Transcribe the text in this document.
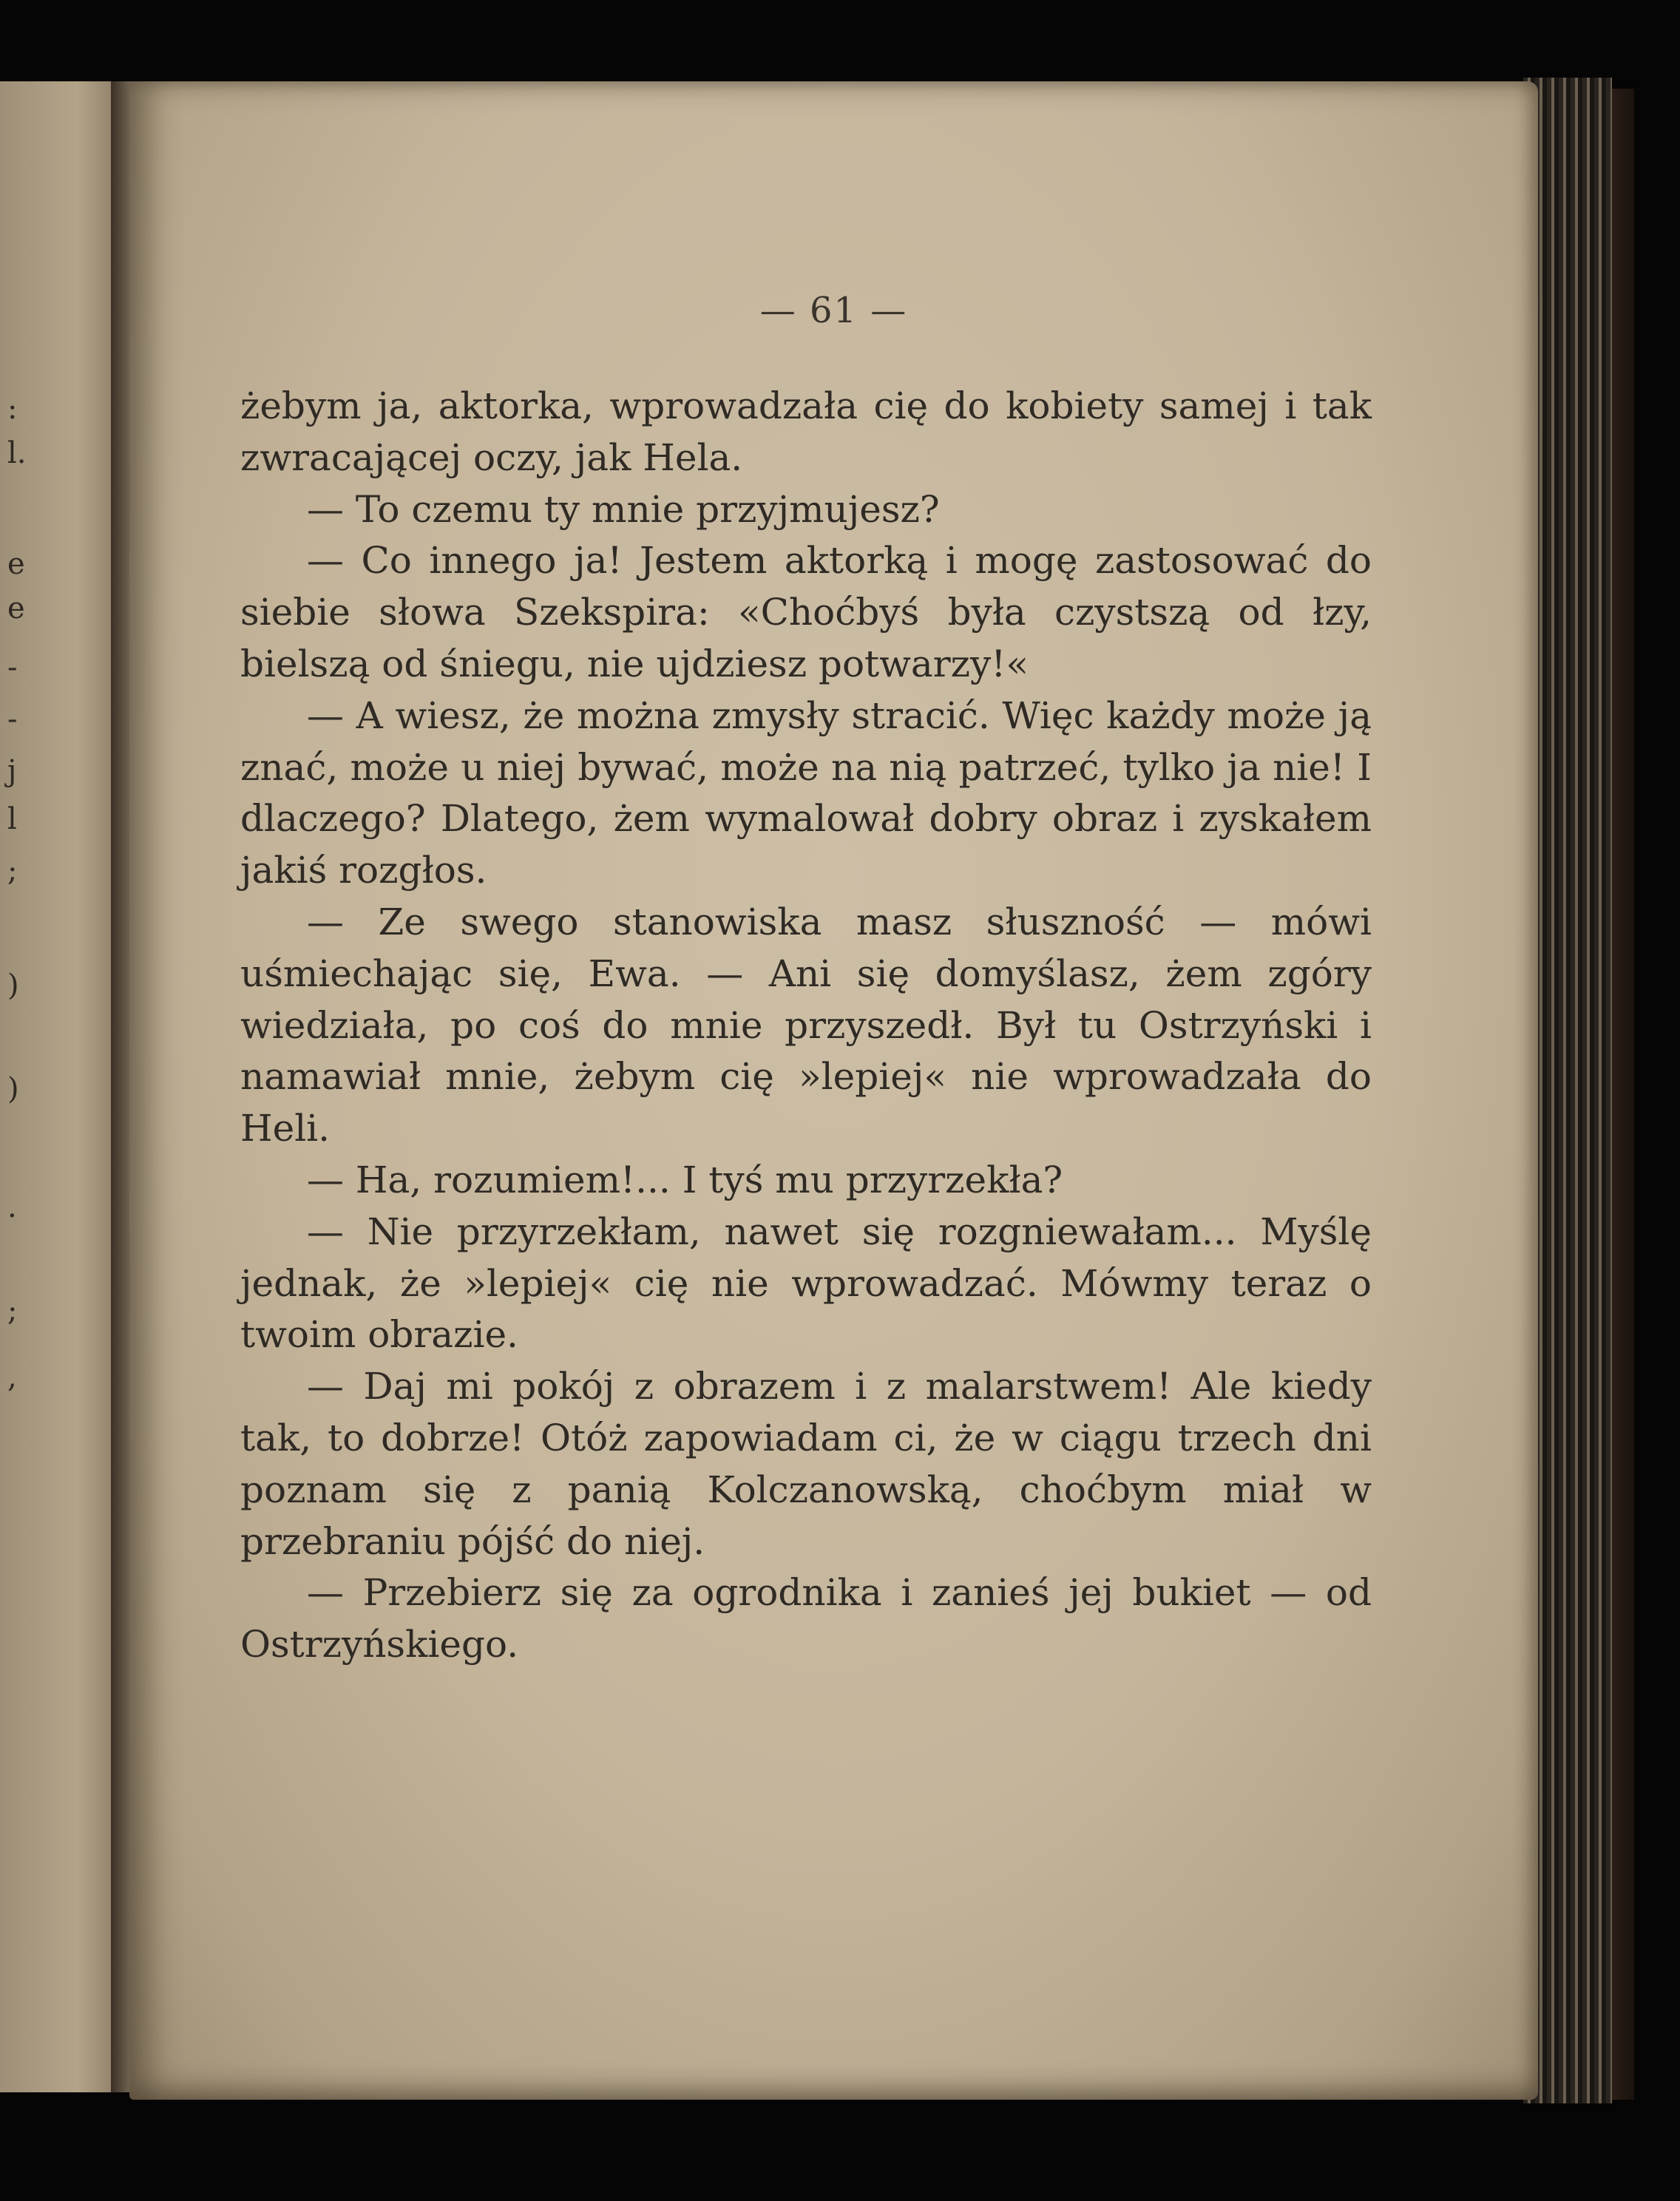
:
l.
e
e
-
-
j
l
;
)
)
.
;
,
— 61 —

żebym ja, aktorka, wprowadzała cię do kobiety samej i tak zwracającej oczy, jak Hela.

— To czemu ty mnie przyjmujesz?

— Co innego ja! Jestem aktorką i mogę zastosować do siebie słowa Szekspira: «Choćbyś była czystszą od łzy, bielszą od śniegu, nie ujdziesz potwarzy!«

— A wiesz, że można zmysły stracić. Więc każdy może ją znać, może u niej bywać, może na nią patrzeć, tylko ja nie! I dlaczego? Dlatego, żem wymalował dobry obraz i zyskałem jakiś rozgłos.

— Ze swego stanowiska masz słuszność — mówi uśmiechając się, Ewa. — Ani się domyślasz, żem zgóry wiedziała, po coś do mnie przyszedł. Był tu Ostrzyński i namawiał mnie, żebym cię »lepiej« nie wprowadzała do Heli.

— Ha, rozumiem!... I tyś mu przyrzekła?

— Nie przyrzekłam, nawet się rozgniewałam... Myślę jednak, że »lepiej« cię nie wprowadzać. Mówmy teraz o twoim obrazie.

— Daj mi pokój z obrazem i z malarstwem! Ale kiedy tak, to dobrze! Otóż zapowiadam ci, że w ciągu trzech dni poznam się z panią Kolczanowską, choćbym miał w przebraniu pójść do niej.

— Przebierz się za ogrodnika i zanieś jej bukiet — od Ostrzyńskiego.
